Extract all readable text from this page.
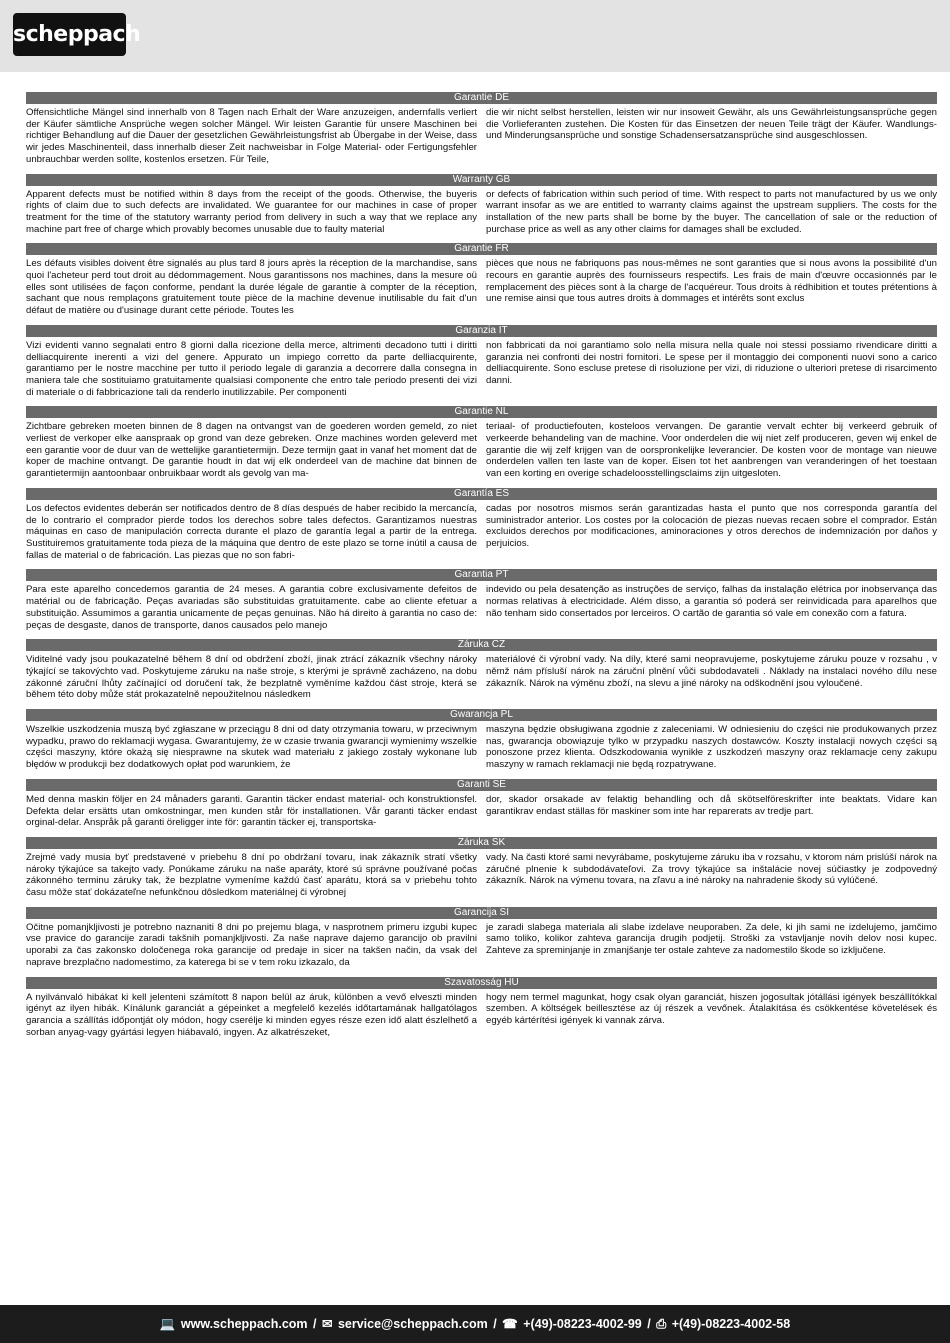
scheppach
Garantie DE
Offensichtliche Mängel sind innerhalb von 8 Tagen nach Erhalt der Ware anzuzeigen, andernfalls verliert der Käufer sämtliche Ansprüche wegen solcher Mängel. Wir leisten Garantie für unsere Maschinen bei richtiger Behandlung auf die Dauer der gesetzlichen Gewährleistungsfrist ab Übergabe in der Weise, dass wir jedes Maschinenteil, dass innerhalb dieser Zeit nachweisbar in Folge Material- oder Fertigungsfehler unbrauchbar werden sollte, kostenlos ersetzen. Für Teile,
die wir nicht selbst herstellen, leisten wir nur insoweit Gewähr, als uns Gewährleistungsansprüche gegen die Vorlieferanten zustehen. Die Kosten für das Einsetzen der neuen Teile trägt der Käufer. Wandlungs- und Minderungsansprüche und sonstige Schadensersatzansprüche sind ausgeschlossen.
Warranty GB
Apparent defects must be notified within 8 days from the receipt of the goods. Otherwise, the buyeris rights of claim due to such defects are invalidated. We guarantee for our machines in case of proper treatment for the time of the statutory warranty period from delivery in such a way that we replace any machine part free of charge which provably becomes unusable due to faulty material
or defects of fabrication within such period of time. With respect to parts not manufactured by us we only warrant insofar as we are entitled to warranty claims against the upstream suppliers. The costs for the installation of the new parts shall be borne by the buyer. The cancellation of sale or the reduction of purchase price as well as any other claims for damages shall be excluded.
Garantie FR
Les défauts visibles doivent être signalés au plus tard 8 jours après la réception de la marchandise, sans quoi l'acheteur perd tout droit au dédommagement. Nous garantissons nos machines, dans la mesure oü elles sont utilisées de façon conforme, pendant la durée légale de garantie à compter de la réception, sachant que nous remplaçons gratuitement toute pièce de la machine devenue inutilisable du fait d'un défaut de matière ou d'usinage durant cette période. Toutes les
pièces que nous ne fabriquons pas nous-mêmes ne sont garanties que si nous avons la possibilité d'un recours en garantie auprès des fournisseurs respectifs. Les frais de main d'œuvre occasionnés par le remplacement des pièces sont à la charge de l'acquéreur. Tous droits à rédhibition et toutes prétentions à une remise ainsi que tous autres droits à dommages et intérêts sont exclus
Garanzia IT
Vizi evidenti vanno segnalati entro 8 giorni dalla ricezione della merce, altrimenti decadono tutti i diritti delliacquirente inerenti a vizi del genere. Appurato un impiego corretto da parte delliacquirente, garantiamo per le nostre macchine per tutto il periodo legale di garanzia a decorrere dalla consegna in maniera tale che sostituiamo gratuitamente qualsiasi componente che entro tale periodo presenti dei vizi di materiale o di fabbricazione tali da renderlo inutilizzabile. Per componenti
non fabbricati da noi garantiamo solo nella misura nella quale noi stessi possiamo rivendicare diritti a garanzia nei confronti dei nostri fornitori. Le spese per il montaggio dei componenti nuovi sono a carico delliacquirente. Sono escluse pretese di risoluzione per vizi, di riduzione o ulteriori pretese di risarcimento danni.
Garantie NL
Zichtbare gebreken moeten binnen de 8 dagen na ontvangst van de goederen worden gemeld, zo niet verliest de verkoper elke aanspraak op grond van deze gebreken. Onze machines worden geleverd met een garantie voor de duur van de wettelijke garantietermijn. Deze termijn gaat in vanaf het moment dat de koper de machine ontvangt. De garantie houdt in dat wij elk onderdeel van de machine dat binnen de garantietermijn aantoonbaar onbruikbaar wordt als gevolg van ma-
teriaal- of productiefouten, kosteloos vervangen. De garantie vervalt echter bij verkeerd gebruik of verkeerde behandeling van de machine. Voor onderdelen die wij niet zelf produceren, geven wij enkel de garantie die wij zelf krijgen van de oorspronkelijke leverancier. De kosten voor de montage van nieuwe onderdelen vallen ten laste van de koper. Eisen tot het aanbrengen van veranderingen of het toestaan van een korting en overige schadeloosstellingsclaims zijn uitgesloten.
Garantía ES
Los defectos evidentes deberán ser notificados dentro de 8 días después de haber recibido la mercancía, de lo contrario el comprador pierde todos los derechos sobre tales defectos. Garantizamos nuestras máquinas en caso de manipulación correcta durante el plazo de garantía legal a partir de la entrega. Sustituiremos gratuitamente toda pieza de la máquina que dentro de este plazo se torne inútil a causa de fallas de material o de fabricación. Las piezas que no son fabri-
cadas por nosotros mismos serán garantizadas hasta el punto que nos corresponda garantía del suministrador anterior. Los costes por la colocación de piezas nuevas recaen sobre el comprador. Están excluidos derechos por modificaciones, aminoraciones y otros derechos de indemnización por daños y perjuicios.
Garantia PT
Para este aparelho concedemos garantia de 24 meses. A garantia cobre exclusivamente defeitos de matérial ou de fabricação. Peças avariadas são substituidas gratuitamente. cabe ao cliente efetuar a substituição. Assumimos a garantia unicamente de peças genuinas. Não há direito à garantia no caso de: peças de desgaste, danos de transporte, danos causados pelo manejo
indevido ou pela desatenção as instruções de serviço, falhas da instalação elétrica por inobservança das normas relativas à electricidade. Além disso, a garantia só poderá ser reinvidicada para aparelhos que não tenham sido consertados por lerceiros. O cartão de garantia só vale em conexão com a fatura.
Záruka CZ
Viditelné vady jsou poukazatelné během 8 dní od obdržení zboží, jinak ztrácí zákazník všechny nároky týkající se takovýchto vad. Poskytujeme záruku na naše stroje, s kterými je správně zacházeno, na dobu zákonné záruční lhůty začínající od doručení tak, že bezplatně vyměníme každou část stroje, která se během této doby může stát prokazatelně nepoužitelnou následkem
materiálové či výrobní vady. Na díly, které sami neopravujeme, poskytujeme záruku pouze v rozsahu , v němž nám přísluší nárok na záruční plnění vůči subdodavateli . Náklady na instalaci nového dílu nese zákazník. Nárok na výměnu zboží, na slevu a jiné nároky na odškodnění jsou vyloučené.
Gwarancja PL
Wszelkie uszkodzenia muszą być zgłaszane w przeciągu 8 dni od daty otrzymania towaru, w przeciwnym wypadku, prawo do reklamacji wygasa. Gwarantujemy, że w czasie trwania gwarancji wymienimy wszelkie części maszyny, które okażą się niesprawne na skutek wad materiału z jakiego zostały wykonane lub błędów w produkcji bez dodatkowych opłat pod warunkiem, że
maszyna będzie obsługiwana zgodnie z zaleceniami. W odniesieniu do części nie produkowanych przez nas, gwarancja obowiązuje tylko w przypadku naszych dostawców. Koszty instalacji nowych części są ponoszone przez klienta. Odszkodowania wynikłe z uszkodzeń maszyny oraz reklamacje ceny zakupu maszyny w ramach reklamacji nie będą rozpatrywane.
Garanti SE
Med denna maskin följer en 24 månaders garanti. Garantin täcker endast material- och konstruktionsfel. Defekta delar ersätts utan omkostningar, men kunden står för installationen. Vår garanti täcker endast orginal-delar. Anspråk på garanti öreligger inte för: garantin täcker ej, transportska-
dor, skador orsakade av felaktig behandling och då skötselföreskrifter inte beaktats. Vidare kan garantikrav endast ställas för maskiner som inte har reparerats av tredje part.
Záruka SK
Zrejmé vady musia byť predstavené v priebehu 8 dní po obdržaní tovaru, inak zákazník stratí všetky nároky týkajúce sa takejto vady. Ponúkame záruku na naše aparáty, ktoré sú správne používané počas zákonného terminu záruky tak, že bezplatne vymeníme každú časť aparátu, ktorá sa v priebehu tohto času môže stať dokázateľne nefunkčnou dôsledkom materiálnej či výrobnej
vady. Na časti ktoré sami nevyrábame, poskytujeme záruku iba v rozsahu, v ktorom nám prislúší nárok na záručné plnenie k subdodávateľovi. Za trovy týkajúce sa inštalácie novej súčiastky je zodpovedný zákazník. Nárok na výmenu tovara, na zľavu a iné nároky na nahradenie škody sú vylúčené.
Garancija SI
Očitne pomanjkljivosti je potrebno naznaniti 8 dni po prejemu blaga, v nasprotnem primeru izgubi kupec vse pravice do garancije zaradi takšnih pomanjkljivosti. Za naše naprave dajemo garancijo ob pravilni uporabi za čas zakonsko določenega roka garancije od predaje in sicer na takšen način, da vsak del naprave brezplačno nadomestimo, za katerega bi se v tem roku izkazalo, da
je zaradi slabega materiala ali slabe izdelave neuporaben. Za dele, ki jih sami ne izdelujemo, jamčimo samo toliko, kolikor zahteva garancija drugih podjetij. Stroški za vstavljanje novih delov nosi kupec. Zahteve za spreminjanje in zmanjšanje ter ostale zahteve za nadomestilo škode so izključene.
Szavatosság HU
A nyilvánvaló hibákat ki kell jelenteni számított 8 napon belül az áruk, különben a vevő elveszti minden igényt az ilyen hibák. Kínálunk garanciát a gépeinket a megfelelő kezelés időtartamának hallgatólagos garancia a szállítás időpontját oly módon, hogy cserélje ki minden egyes része ezen idő alatt észlelhető a sorban anyag-vagy gyártási legyen hiábavaló, ingyen. Az alkatrészeket,
hogy nem termel magunkat, hogy csak olyan garanciát, hiszen jogosultak jótállási igények beszállítókkal szemben. A költségek beillesztése az új részek a vevőnek. Átalakítása és csökkentése követelések és egyéb kártérítési igények ki vannak zárva.
💻 www.scheppach.com / ✉ service@scheppach.com / ☎ +(49)-08223-4002-99 / ⎙ +(49)-08223-4002-58
